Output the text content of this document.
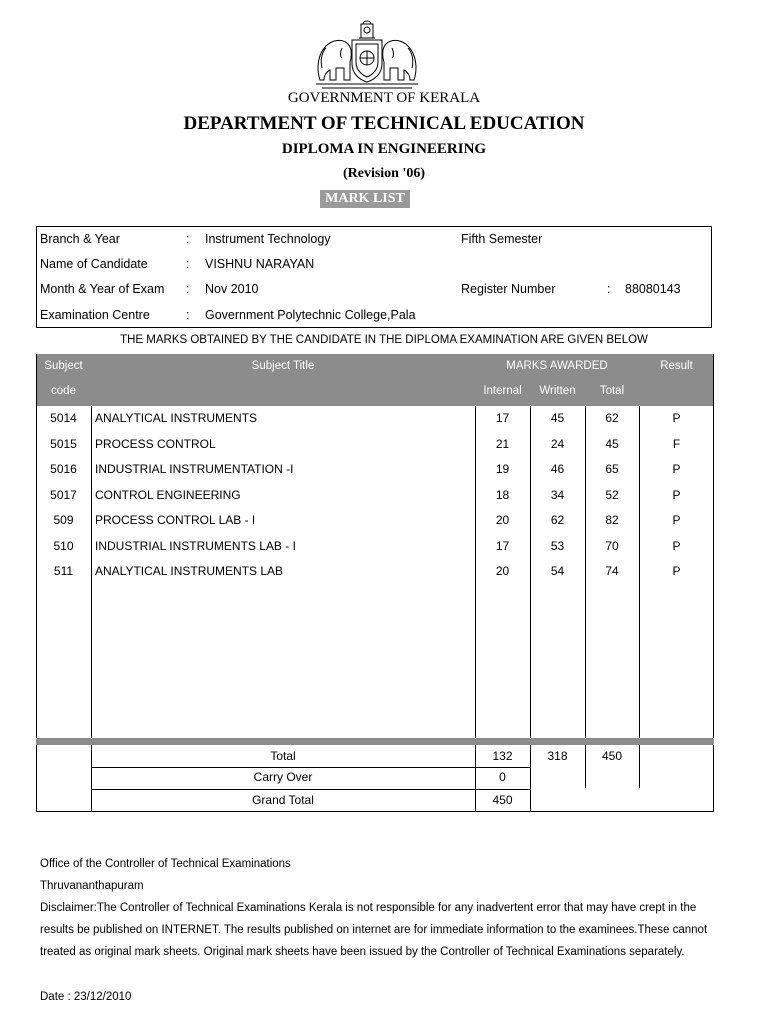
GOVERNMENT OF KERALA
DEPARTMENT OF TECHNICAL EDUCATION
DIPLOMA IN ENGINEERING
(Revision '06)
MARK LIST
Branch & Year	: Instrument Technology	Fifth Semester
Name of Candidate	: VISHNU NARAYAN
Month & Year of Exam : Nov 2010	Register Number	: 88080143
Examination Centre	: Government Polytechnic College,Pala
THE MARKS OBTAINED BY THE CANDIDATE IN THE DIPLOMA EXAMINATION ARE GIVEN BELOW
Subject
code
Subject Title	MARKS AWARDED	Result
Internal	Written	Total
5014	ANALYTICAL INSTRUMENTS	17	45	62	P
5015	PROCESS CONTROL	21	24	45	F
5016	INDUSTRIAL INSTRUMENTATION -I	19	46	65	P
5017	CONTROL ENGINEERING	18	34	52	P
509	PROCESS CONTROL LAB - I	20	62	82	P
510	INDUSTRIAL INSTRUMENTS LAB - I	17	53	70	P
511	ANALYTICAL INSTRUMENTS LAB	20	54	74	P
Total	132	318	450
Carry Over	0
Grand Total	450
Office of the Controller of Technical Examinations
Thruvananthapuram
Disclaimer:The Controller of Technical Examinations Kerala is not responsible for any inadvertent error that may have crept in the results be published on INTERNET. The results published on internet are for immediate information to the examinees.These cannot treated as original mark sheets. Original mark sheets have been issued by the Controller of Technical Examinations separately.
Date : 23/12/2010
